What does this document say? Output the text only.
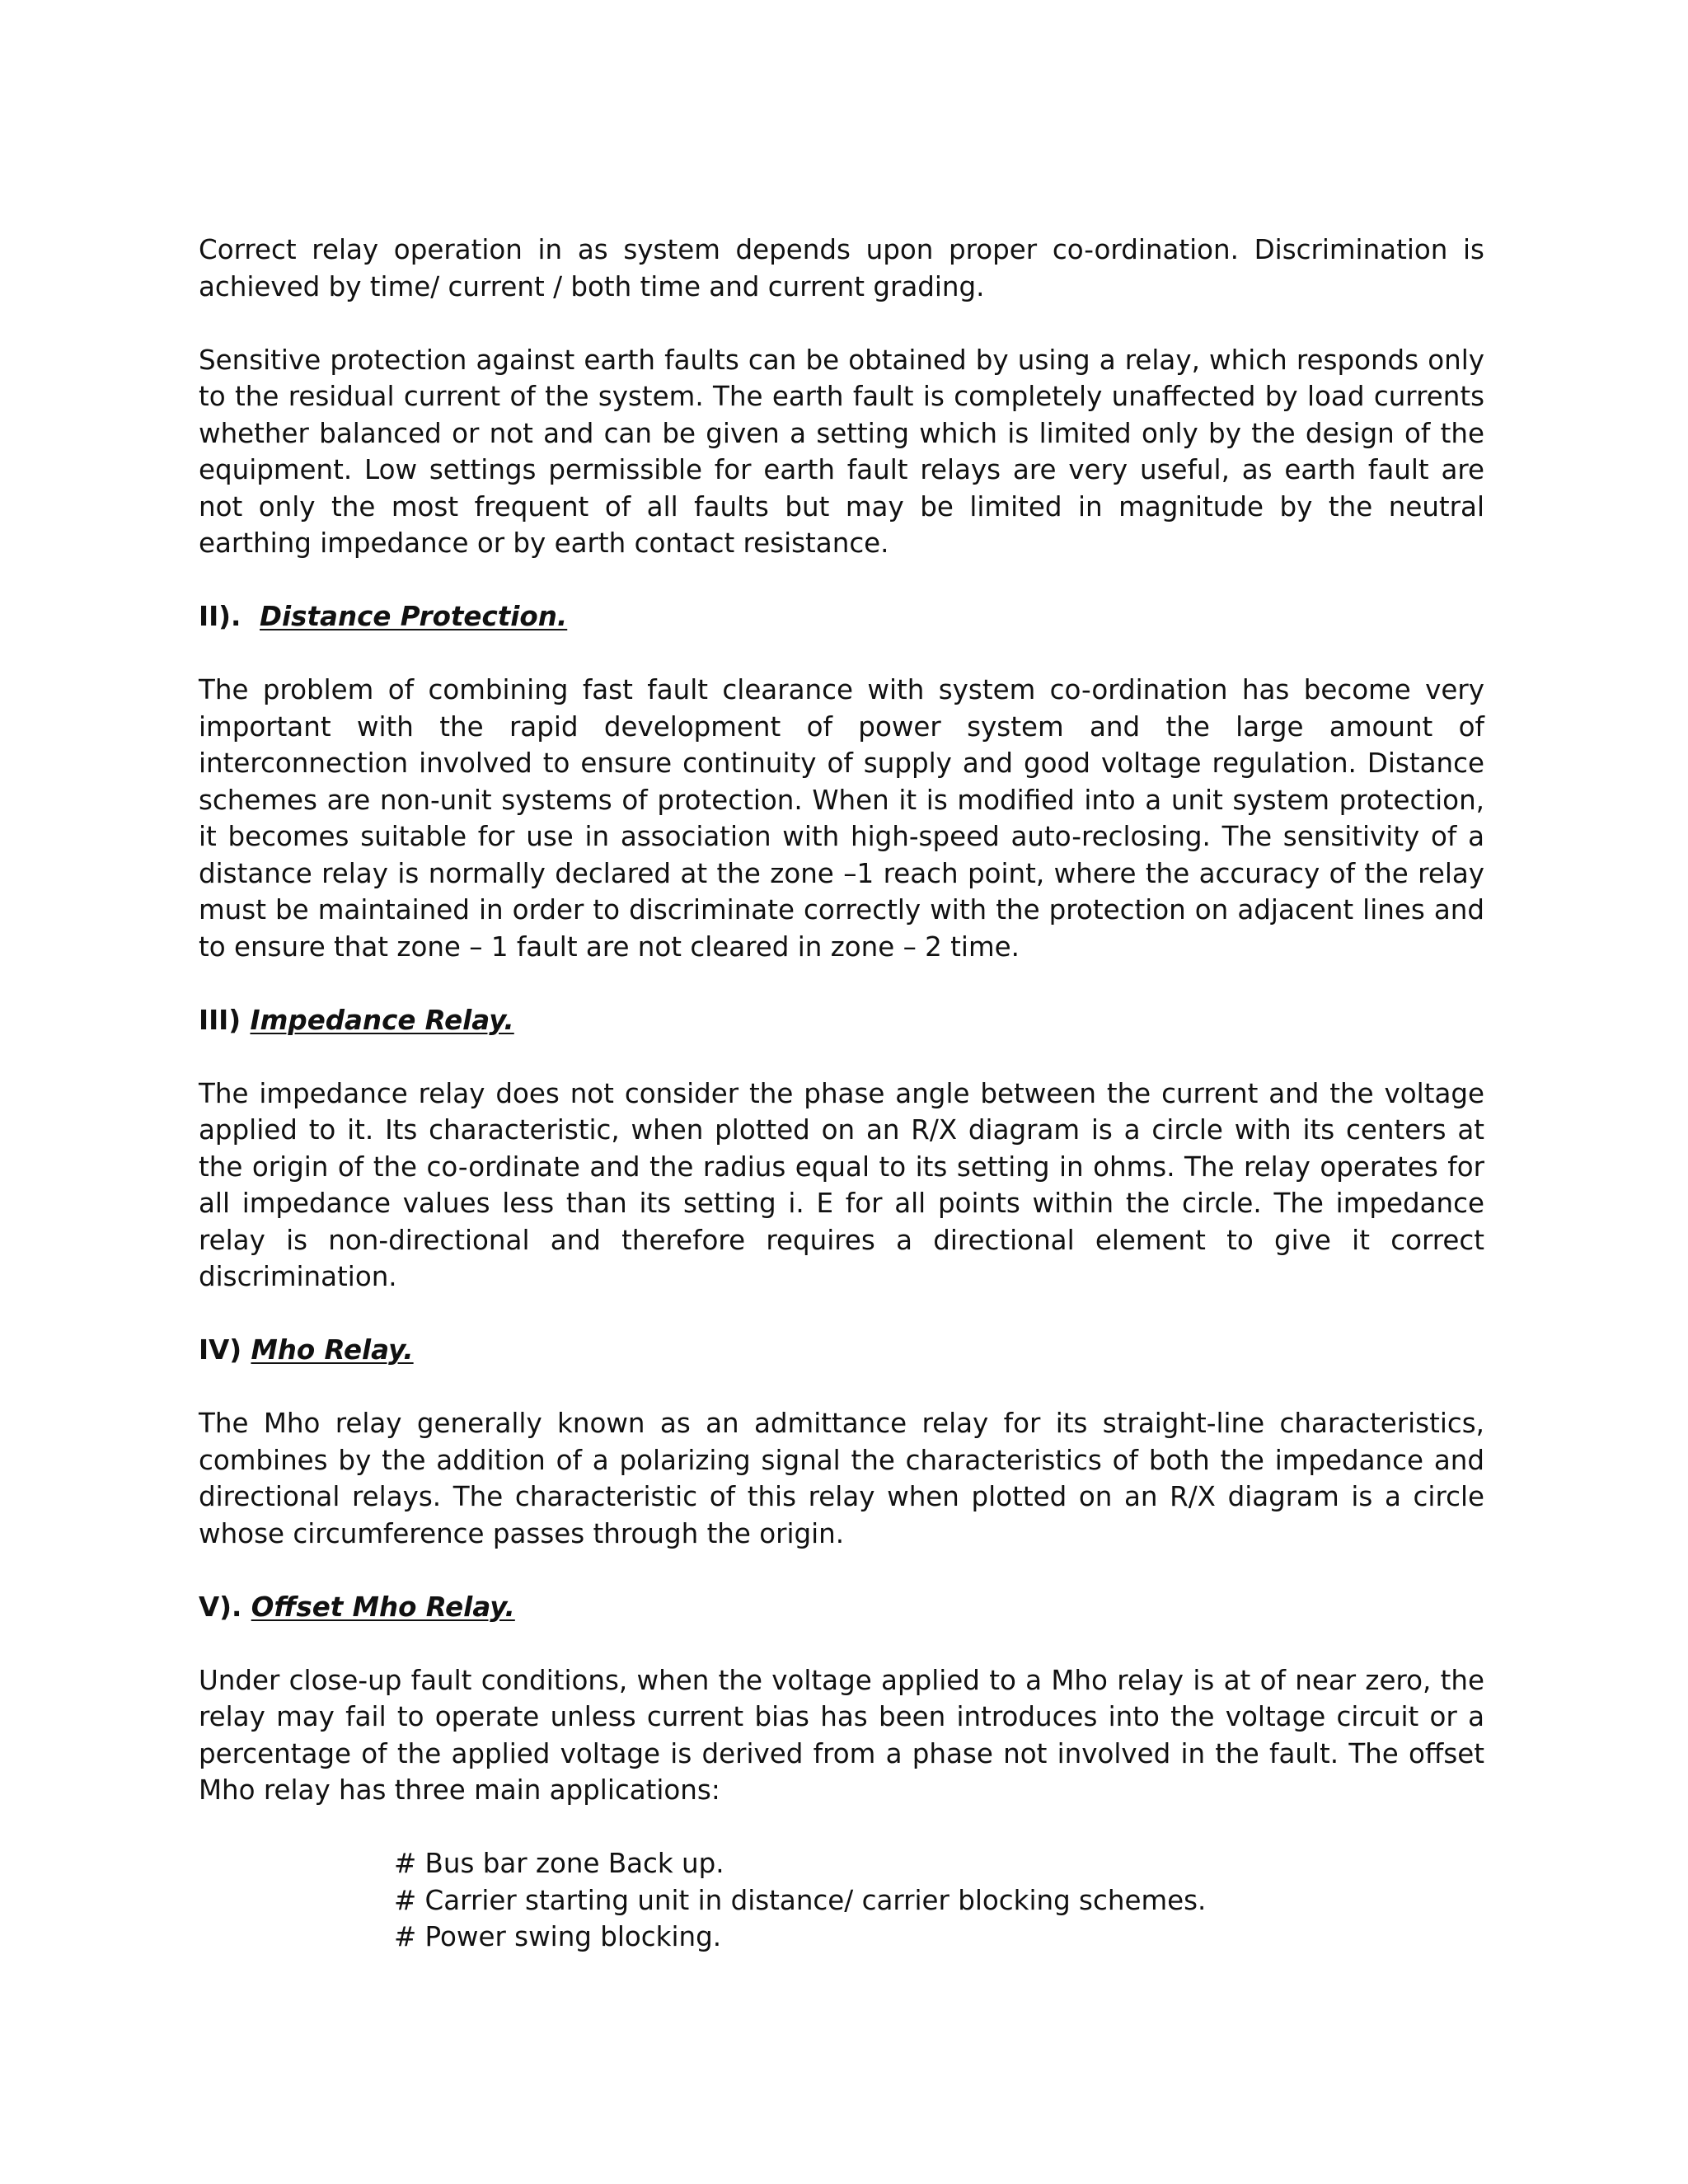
Correct relay operation in as system depends upon proper co-ordination. Discrimination is achieved by time/ current / both time and current grading.

Sensitive protection against earth faults can be obtained by using a relay, which responds only to the residual current of the system. The earth fault is completely unaffected by load currents whether balanced or not and can be given a setting which is limited only by the design of the equipment. Low settings permissible for earth fault relays are very useful, as earth fault are not only the most frequent of all faults but may be limited in magnitude by the neutral earthing impedance or by earth contact resistance.

II). Distance Protection.

The problem of combining fast fault clearance with system co-ordination has become very important with the rapid development of power system and the large amount of interconnection involved to ensure continuity of supply and good voltage regulation. Distance schemes are non-unit systems of protection. When it is modified into a unit system protection, it becomes suitable for use in association with high-speed auto-reclosing. The sensitivity of a distance relay is normally declared at the zone –1 reach point, where the accuracy of the relay must be maintained in order to discriminate correctly with the protection on adjacent lines and to ensure that zone – 1 fault are not cleared in zone – 2 time.

III) Impedance Relay.

The impedance relay does not consider the phase angle between the current and the voltage applied to it. Its characteristic, when plotted on an R/X diagram is a circle with its centers at the origin of the co-ordinate and the radius equal to its setting in ohms. The relay operates for all impedance values less than its setting i. E for all points within the circle. The impedance relay is non-directional and therefore requires a directional element to give it correct discrimination.

IV) Mho Relay.

The Mho relay generally known as an admittance relay for its straight-line characteristics, combines by the addition of a polarizing signal the characteristics of both the impedance and directional relays. The characteristic of this relay when plotted on an R/X diagram is a circle whose circumference passes through the origin.

V). Offset Mho Relay.

Under close-up fault conditions, when the voltage applied to a Mho relay is at of near zero, the relay may fail to operate unless current bias has been introduces into the voltage circuit or a percentage of the applied voltage is derived from a phase not involved in the fault. The offset Mho relay has three main applications:

# Bus bar zone Back up.
# Carrier starting unit in distance/ carrier blocking schemes.
# Power swing blocking.
